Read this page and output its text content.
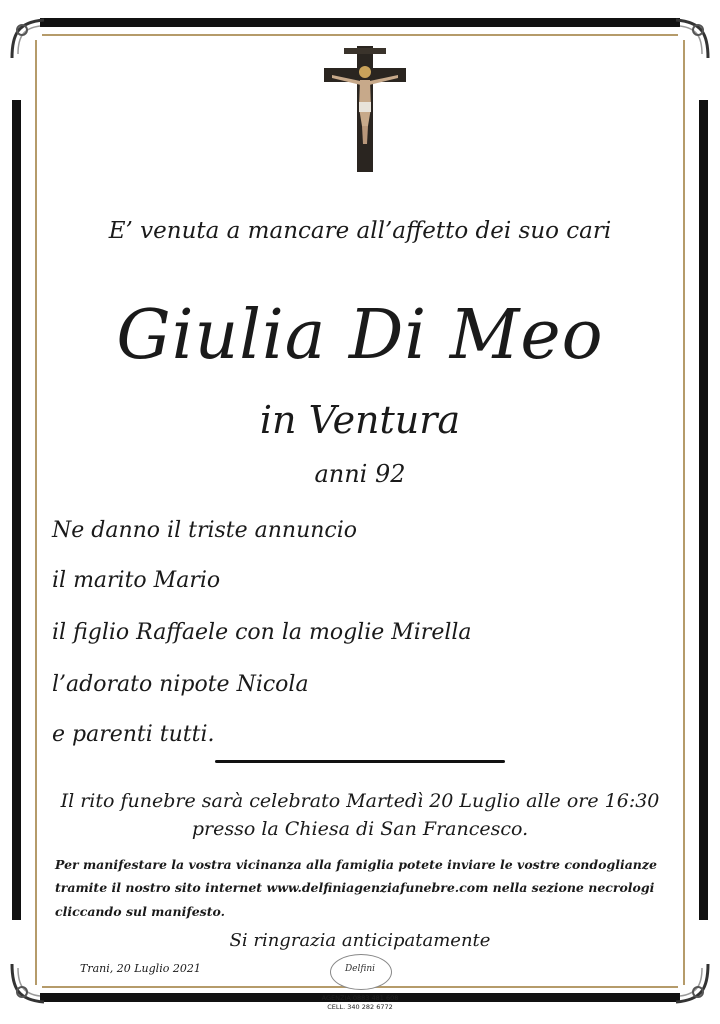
E’ venuta a mancare all’affetto dei suo cari
Giulia Di Meo
in Ventura
anni 92
Ne danno il triste annuncio
il marito Mario
il figlio Raffaele con la moglie Mirella
l’adorato nipote Nicola
e parenti tutti.
Il rito funebre sarà celebrato Martedì 20 Luglio alle ore 16:30
presso la Chiesa di San Francesco.
Per manifestare la vostra vicinanza alla famiglia potete inviare le vostre condoglianze
tramite il nostro sito internet www.delfiniagenziafunebre.com nella sezione necrologi
cliccando sul manifesto.
Si ringrazia anticipatamente
Trani, 20 Luglio 2021	Delfini
AGENZIA 0883 481 608
CELL. 340 282 6772
